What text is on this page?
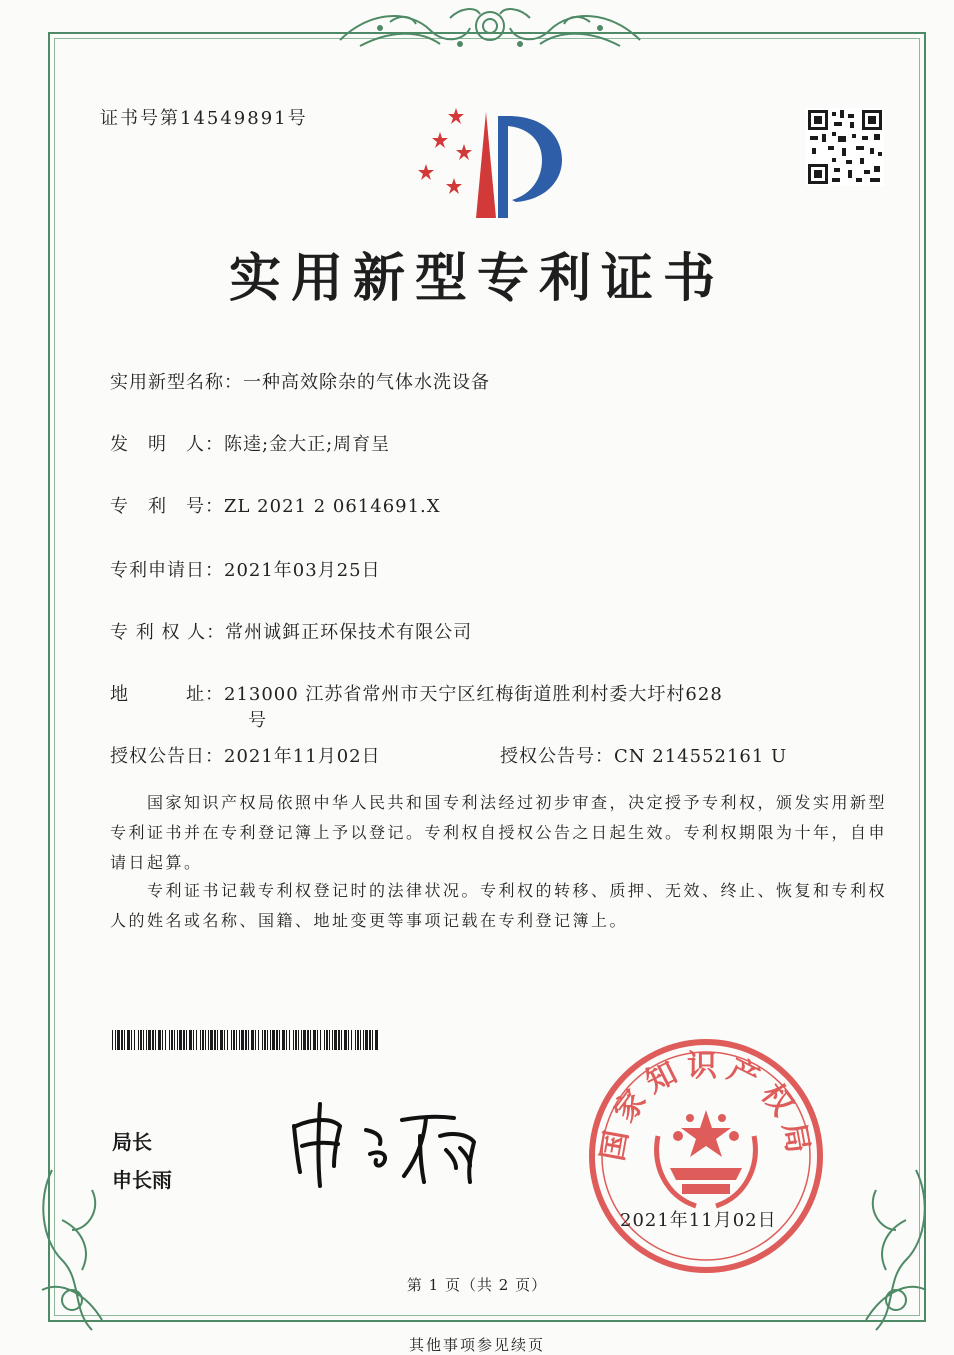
证书号第14549891号
实用新型专利证书
实用新型名称：一种高效除杂的气体水洗设备
发　明　人：陈逵;金大正;周育呈
专　利　号：ZL 2021 2 0614691.X
专利申请日：2021年03月25日
专 利 权 人：常州诚鉺正环保技术有限公司
地　　　址：213000 江苏省常州市天宁区红梅街道胜利村委大圩村628
号
授权公告日：2021年11月02日	授权公告号：CN 214552161 U
　　国家知识产权局依照中华人民共和国专利法经过初步审查，决定授予专利权，颁发实用新型专利证书并在专利登记簿上予以登记。专利权自授权公告之日起生效。专利权期限为十年，自申请日起算。
　　专利证书记载专利权登记时的法律状况。专利权的转移、质押、无效、终止、恢复和专利权人的姓名或名称、国籍、地址变更等事项记载在专利登记簿上。
局长
申长雨
国家知识产权局
2021年11月02日
第 1 页（共 2 页）
其他事项参见续页
